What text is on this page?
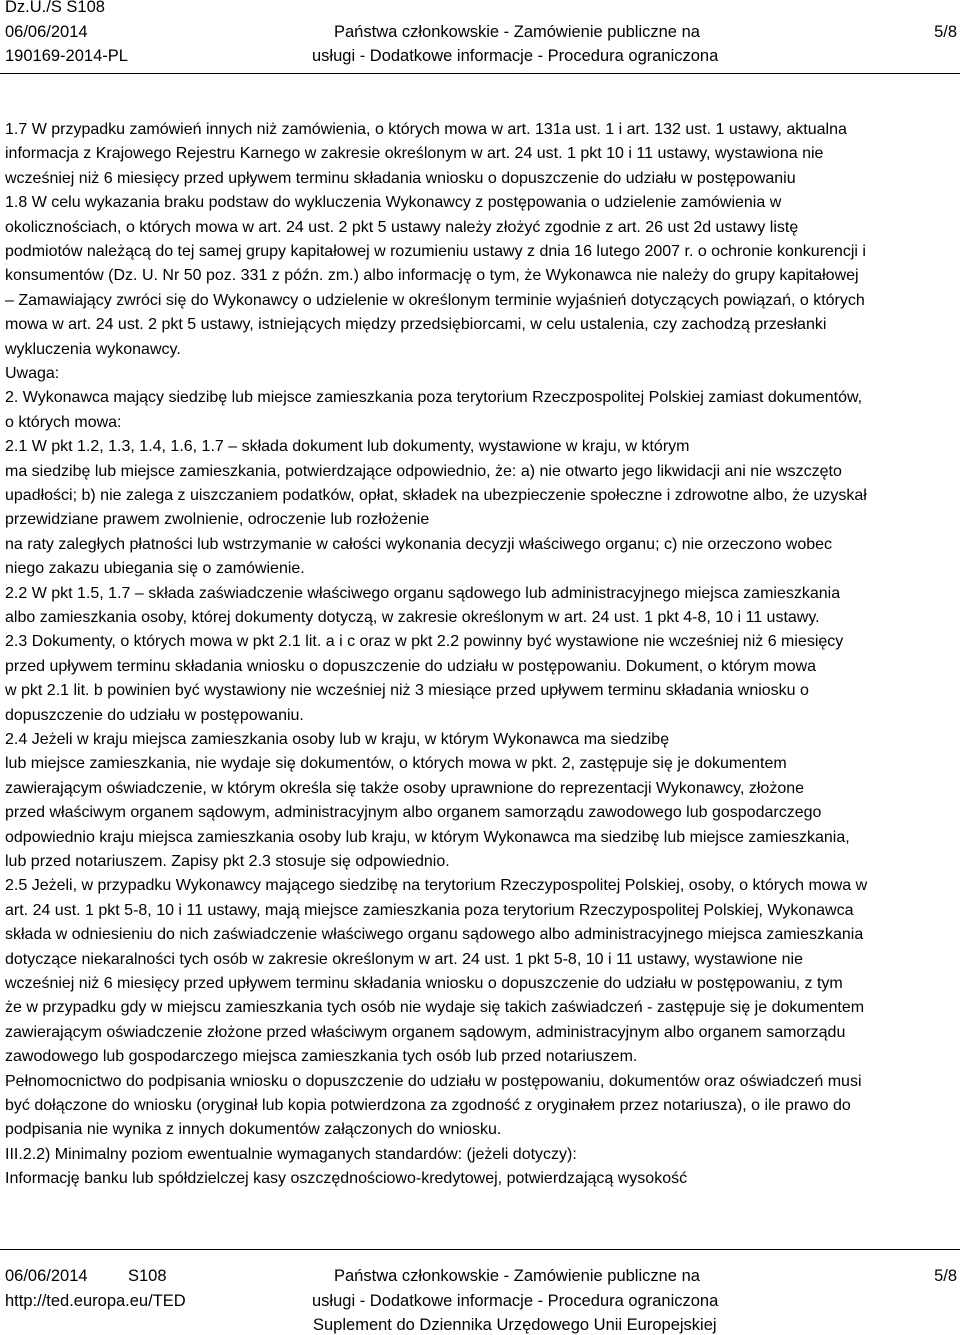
Dz.U./S S108
06/06/2014
190169-2014-PL
Państwa członkowskie - Zamówienie publiczne na
usługi - Dodatkowe informacje - Procedura ograniczona
5/8
1.7 W przypadku zamówień innych niż zamówienia, o których mowa w art. 131a ust. 1 i art. 132 ust. 1 ustawy, aktualna
informacja z Krajowego Rejestru Karnego w zakresie określonym w art. 24 ust. 1 pkt 10 i 11 ustawy, wystawiona nie
wcześniej niż 6 miesięcy przed upływem terminu składania wniosku o dopuszczenie do udziału w postępowaniu
1.8 W celu wykazania braku podstaw do wykluczenia Wykonawcy z postępowania o udzielenie zamówienia w
okolicznościach, o których mowa w art. 24 ust. 2 pkt 5 ustawy należy złożyć zgodnie z art. 26 ust 2d ustawy listę
podmiotów należącą do tej samej grupy kapitałowej w rozumieniu ustawy z dnia 16 lutego 2007 r. o ochronie konkurencji i
konsumentów (Dz. U. Nr 50 poz. 331 z późn. zm.) albo informację o tym, że Wykonawca nie należy do grupy kapitałowej
– Zamawiający zwróci się do Wykonawcy o udzielenie w określonym terminie wyjaśnień dotyczących powiązań, o których
mowa w art. 24 ust. 2 pkt 5 ustawy, istniejących między przedsiębiorcami, w celu ustalenia, czy zachodzą przesłanki
wykluczenia wykonawcy.
Uwaga:
2. Wykonawca mający siedzibę lub miejsce zamieszkania poza terytorium Rzeczpospolitej Polskiej zamiast dokumentów,
o których mowa:
2.1 W pkt 1.2, 1.3, 1.4, 1.6, 1.7 – składa dokument lub dokumenty, wystawione w kraju, w którym
ma siedzibę lub miejsce zamieszkania, potwierdzające odpowiednio, że: a) nie otwarto jego likwidacji ani nie wszczęto
upadłości; b) nie zalega z uiszczaniem podatków, opłat, składek na ubezpieczenie społeczne i zdrowotne albo, że uzyskał
przewidziane prawem zwolnienie, odroczenie lub rozłożenie
na raty zaległych płatności lub wstrzymanie w całości wykonania decyzji właściwego organu; c) nie orzeczono wobec
niego zakazu ubiegania się o zamówienie.
2.2 W pkt 1.5, 1.7 – składa zaświadczenie właściwego organu sądowego lub administracyjnego miejsca zamieszkania
albo zamieszkania osoby, której dokumenty dotyczą, w zakresie określonym w art. 24 ust. 1 pkt 4-8, 10 i 11 ustawy.
2.3 Dokumenty, o których mowa w pkt 2.1 lit. a i c oraz w pkt 2.2 powinny być wystawione nie wcześniej niż 6 miesięcy
przed upływem terminu składania wniosku o dopuszczenie do udziału w postępowaniu. Dokument, o którym mowa
w pkt 2.1 lit. b powinien być wystawiony nie wcześniej niż 3 miesiące przed upływem terminu składania wniosku o
dopuszczenie do udziału w postępowaniu.
2.4 Jeżeli w kraju miejsca zamieszkania osoby lub w kraju, w którym Wykonawca ma siedzibę
lub miejsce zamieszkania, nie wydaje się dokumentów, o których mowa w pkt. 2, zastępuje się je dokumentem
zawierającym oświadczenie, w którym określa się także osoby uprawnione do reprezentacji Wykonawcy, złożone
przed właściwym organem sądowym, administracyjnym albo organem samorządu zawodowego lub gospodarczego
odpowiednio kraju miejsca zamieszkania osoby lub kraju, w którym Wykonawca ma siedzibę lub miejsce zamieszkania,
lub przed notariuszem. Zapisy pkt 2.3 stosuje się odpowiednio.
2.5 Jeżeli, w przypadku Wykonawcy mającego siedzibę na terytorium Rzeczypospolitej Polskiej, osoby, o których mowa w
art. 24 ust. 1 pkt 5-8, 10 i 11 ustawy, mają miejsce zamieszkania poza terytorium Rzeczypospolitej Polskiej, Wykonawca
składa w odniesieniu do nich zaświadczenie właściwego organu sądowego albo administracyjnego miejsca zamieszkania
dotyczące niekaralności tych osób w zakresie określonym w art. 24 ust. 1 pkt 5-8, 10 i 11 ustawy, wystawione nie
wcześniej niż 6 miesięcy przed upływem terminu składania wniosku o dopuszczenie do udziału w postępowaniu, z tym
że w przypadku gdy w miejscu zamieszkania tych osób nie wydaje się takich zaświadczeń - zastępuje się je dokumentem
zawierającym oświadczenie złożone przed właściwym organem sądowym, administracyjnym albo organem samorządu
zawodowego lub gospodarczego miejsca zamieszkania tych osób lub przed notariuszem.
Pełnomocnictwo do podpisania wniosku o dopuszczenie do udziału w postępowaniu, dokumentów oraz oświadczeń musi
być dołączone do wniosku (oryginał lub kopia potwierdzona za zgodność z oryginałem przez notariusza), o ile prawo do
podpisania nie wynika z innych dokumentów załączonych do wniosku.
III.2.2) Minimalny poziom ewentualnie wymaganych standardów: (jeżeli dotyczy):
Informację banku lub spółdzielczej kasy oszczędnościowo-kredytowej, potwierdzającą wysokość
06/06/2014 S108
http://ted.europa.eu/TED
Państwa członkowskie - Zamówienie publiczne na
usługi - Dodatkowe informacje - Procedura ograniczona
Suplement do Dziennika Urzędowego Unii Europejskiej
5/8
